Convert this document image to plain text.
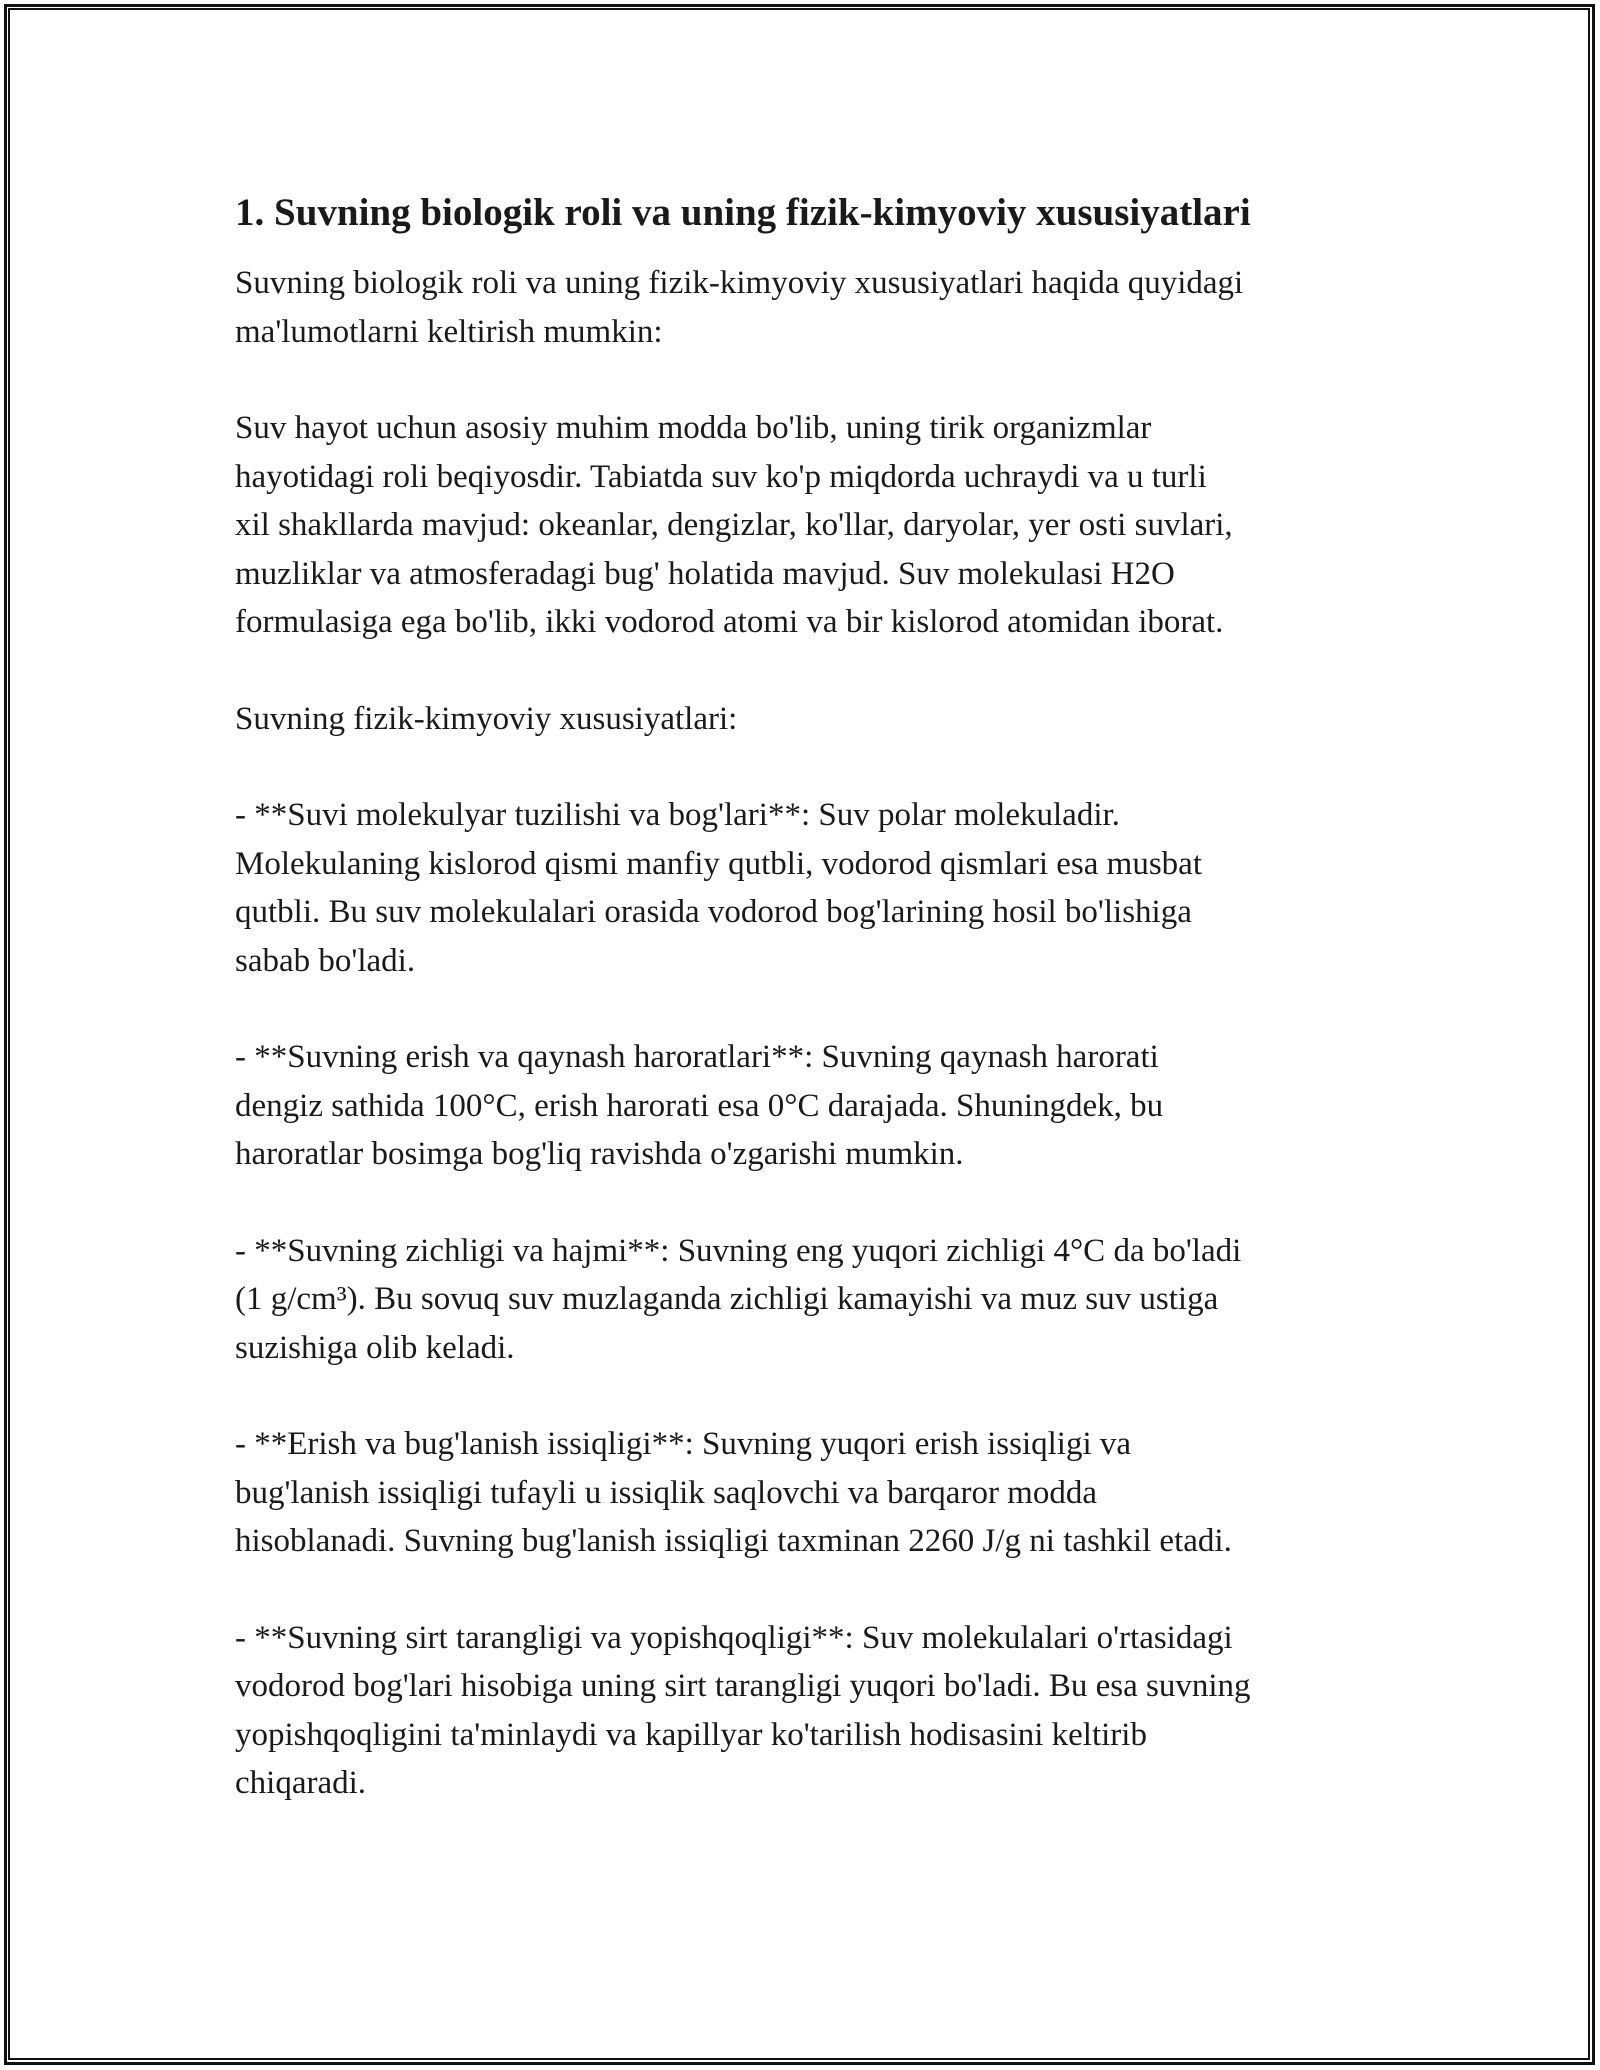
1. Suvning biologik roli va uning fizik-kimyoviy xususiyatlari

Suvning biologik roli va uning fizik-kimyoviy xususiyatlari haqida quyidagi
ma'lumotlarni keltirish mumkin:

Suv hayot uchun asosiy muhim modda bo'lib, uning tirik organizmlar
hayotidagi roli beqiyosdir. Tabiatda suv ko'p miqdorda uchraydi va u turli
xil shakllarda mavjud: okeanlar, dengizlar, ko'llar, daryolar, yer osti suvlari,
muzliklar va atmosferadagi bug' holatida mavjud. Suv molekulasi H2O
formulasiga ega bo'lib, ikki vodorod atomi va bir kislorod atomidan iborat.

Suvning fizik-kimyoviy xususiyatlari:

- **Suvi molekulyar tuzilishi va bog'lari**: Suv polar molekuladir.
Molekulaning kislorod qismi manfiy qutbli, vodorod qismlari esa musbat
qutbli. Bu suv molekulalari orasida vodorod bog'larining hosil bo'lishiga
sabab bo'ladi.

- **Suvning erish va qaynash haroratlari**: Suvning qaynash harorati
dengiz sathida 100°C, erish harorati esa 0°C darajada. Shuningdek, bu
haroratlar bosimga bog'liq ravishda o'zgarishi mumkin.

- **Suvning zichligi va hajmi**: Suvning eng yuqori zichligi 4°C da bo'ladi
(1 g/cm³). Bu sovuq suv muzlaganda zichligi kamayishi va muz suv ustiga
suzishiga olib keladi.

- **Erish va bug'lanish issiqligi**: Suvning yuqori erish issiqligi va
bug'lanish issiqligi tufayli u issiqlik saqlovchi va barqaror modda
hisoblanadi. Suvning bug'lanish issiqligi taxminan 2260 J/g ni tashkil etadi.

- **Suvning sirt tarangligi va yopishqoqligi**: Suv molekulalari o'rtasidagi
vodorod bog'lari hisobiga uning sirt tarangligi yuqori bo'ladi. Bu esa suvning
yopishqoqligini ta'minlaydi va kapillyar ko'tarilish hodisasini keltirib
chiqaradi.
